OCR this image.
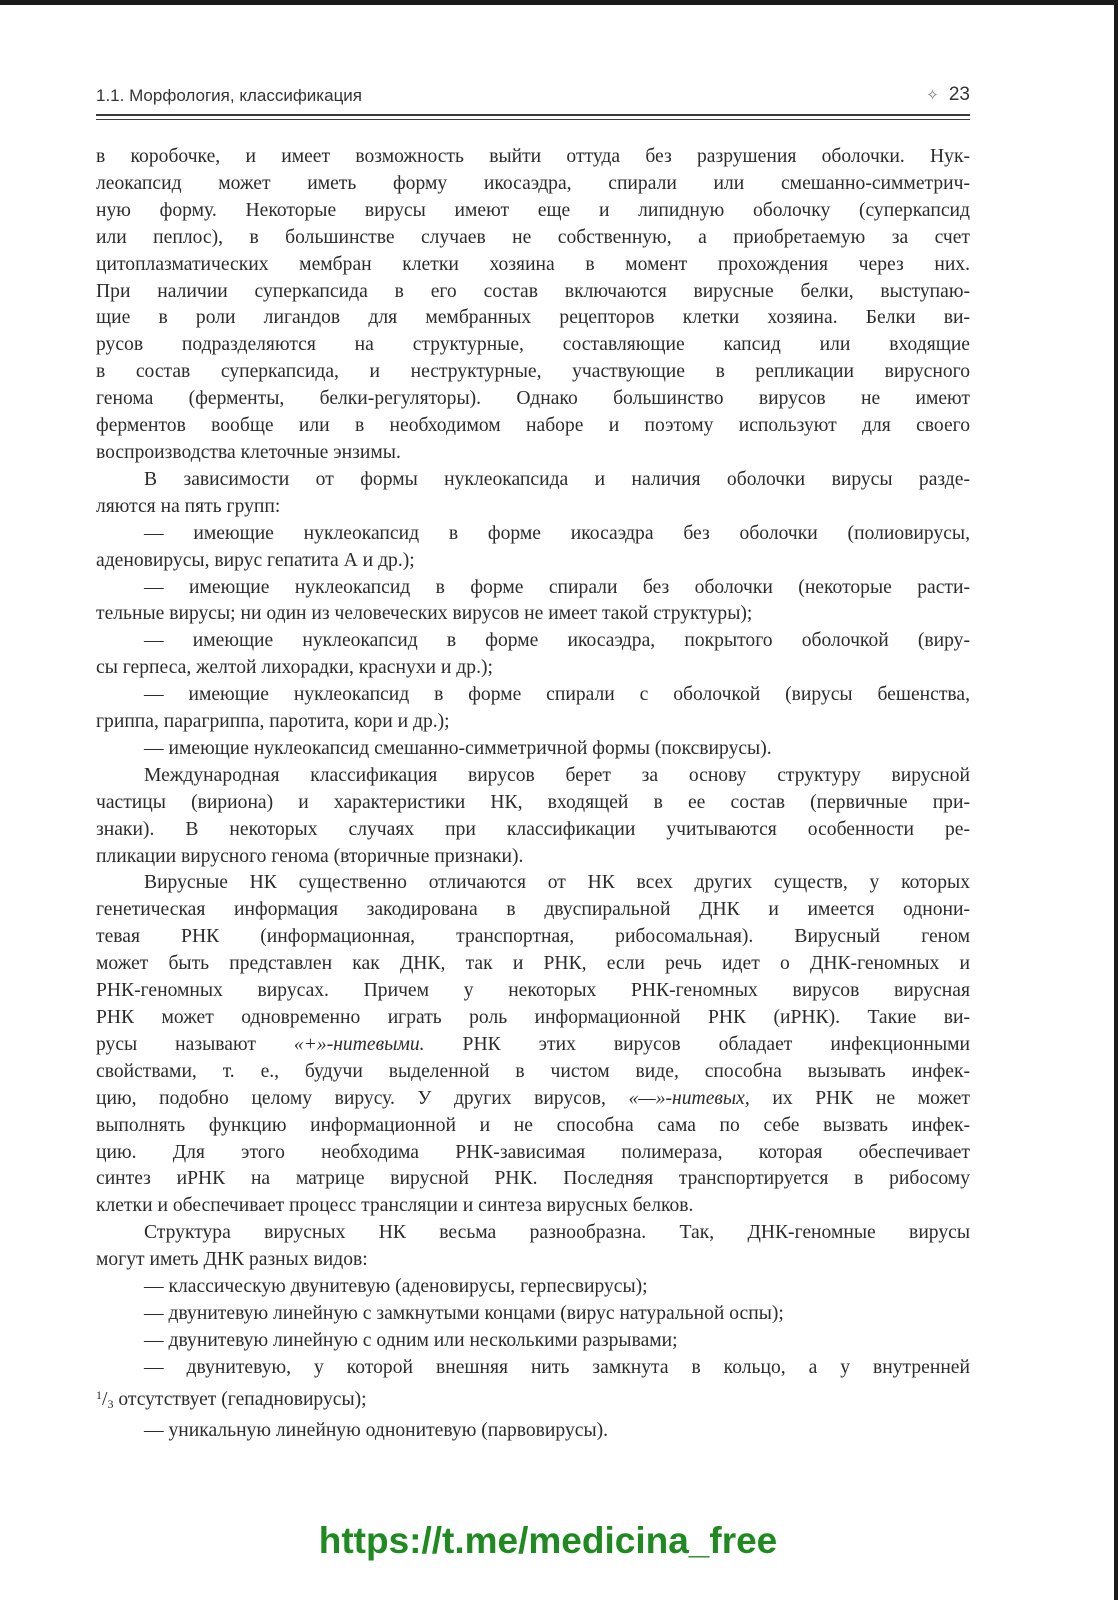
1.1. Морфология, классификация	✧ 23

в коробочке, и имеет возможность выйти оттуда без разрушения оболочки. Нук-

леокапсид может иметь форму икосаэдра, спирали или смешанно-симметрич-

ную форму. Некоторые вирусы имеют еще и липидную оболочку (суперкапсид

или пеплос), в большинстве случаев не собственную, а приобретаемую за счет

цитоплазматических мембран клетки хозяина в момент прохождения через них.

При наличии суперкапсида в его состав включаются вирусные белки, выступаю-

щие в роли лигандов для мембранных рецепторов клетки хозяина. Белки ви-

русов подразделяются на структурные, составляющие капсид или входящие

в состав суперкапсида, и неструктурные, участвующие в репликации вирусного

генома (ферменты, белки-регуляторы). Однако большинство вирусов не имеют

ферментов вообще или в необходимом наборе и поэтому используют для своего

воспроизводства клеточные энзимы.

В зависимости от формы нуклеокапсида и наличия оболочки вирусы разде-

ляются на пять групп:

— имеющие нуклеокапсид в форме икосаэдра без оболочки (полиовирусы,

аденовирусы, вирус гепатита А и др.);

— имеющие нуклеокапсид в форме спирали без оболочки (некоторые расти-

тельные вирусы; ни один из человеческих вирусов не имеет такой структуры);

— имеющие нуклеокапсид в форме икосаэдра, покрытого оболочкой (виру-

сы герпеса, желтой лихорадки, краснухи и др.);

— имеющие нуклеокапсид в форме спирали с оболочкой (вирусы бешенства,

гриппа, парагриппа, паротита, кори и др.);

— имеющие нуклеокапсид смешанно-симметричной формы (поксвирусы).

Международная классификация вирусов берет за основу структуру вирусной

частицы (вириона) и характеристики НК, входящей в ее состав (первичные при-

знаки). В некоторых случаях при классификации учитываются особенности ре-

пликации вирусного генома (вторичные признаки).

Вирусные НК существенно отличаются от НК всех других существ, у которых

генетическая информация закодирована в двуспиральной ДНК и имеется однони-

тевая РНК (информационная, транспортная, рибосомальная). Вирусный геном

может быть представлен как ДНК, так и РНК, если речь идет о ДНК-геномных и

РНК-геномных вирусах. Причем у некоторых РНК-геномных вирусов вирусная

РНК может одновременно играть роль информационной РНК (иРНК). Такие ви-

русы называют «+»-нитевыми. РНК этих вирусов обладает инфекционными

свойствами, т. е., будучи выделенной в чистом виде, способна вызывать инфек-

цию, подобно целому вирусу. У других вирусов, «—»-нитевых, их РНК не может

выполнять функцию информационной и не способна сама по себе вызвать инфек-

цию. Для этого необходима РНК-зависимая полимераза, которая обеспечивает

синтез иРНК на матрице вирусной РНК. Последняя транспортируется в рибосому

клетки и обеспечивает процесс трансляции и синтеза вирусных белков.

Структура вирусных НК весьма разнообразна. Так, ДНК-геномные вирусы

могут иметь ДНК разных видов:

— классическую двунитевую (аденовирусы, герпесвирусы);

— двунитевую линейную с замкнутыми концами (вирус натуральной оспы);

— двунитевую линейную с одним или несколькими разрывами;

— двунитевую, у которой внешняя нить замкнута в кольцо, а у внутренней

$^1/_3$ отсутствует (гепадновирусы);

— уникальную линейную однонитевую (парвовирусы).

https://t.me/medicina_free
